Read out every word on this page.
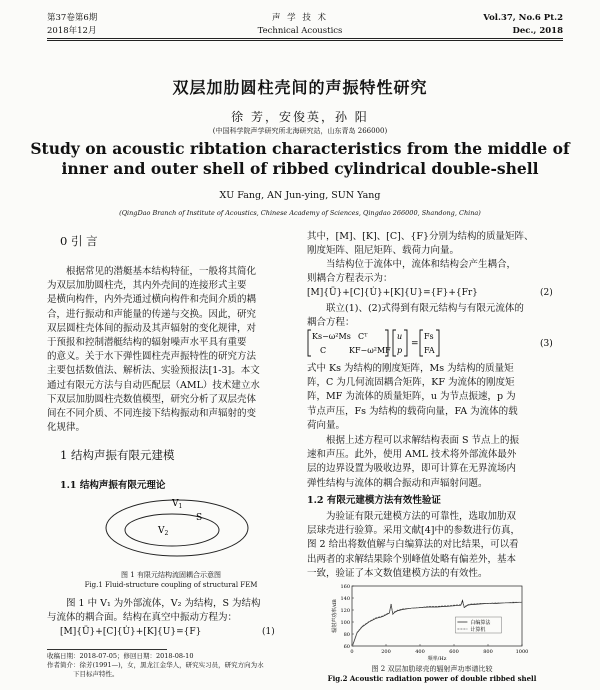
第37卷第6期
2018年12月
声 学 技 术
Technical Acoustics
Vol.37, No.6 Pt.2
Dec., 2018
双层加肋圆柱壳间的声振特性研究
徐 芳，安俊英，孙 阳
(中国科学院声学研究所北海研究站，山东青岛 266000)
Study on acoustic ribtation characteristics from the middle of
inner and outer shell of ribbed cylindrical double-shell
XU Fang, AN Jun-ying, SUN Yang
(QingDao Branch of Institute of Acoustics, Chinese Academy of Sciences, Qingdao 266000, Shandong, China)
0 引 言
根据常见的潜艇基本结构特征，一般将其简化
为双层加肋圆柱壳，其内外壳间的连接形式主要
是横向构件，内外壳通过横向构件和壳间介质的耦
合，进行振动和声能量的传递与交换。因此，研究
双层圆柱壳体间的振动及其声辐射的变化规律，对
于预报和控制潜艇结构的辐射噪声水平具有重要
的意义。关于水下弹性圆柱壳声振特性的研究方法
主要包括数值法、解析法、实验预报法[1-3]。本文
通过有限元方法与自动匹配层（AML）技术建立水
下双层加肋圆柱壳数值模型，研究分析了双层壳体
间在不同介质、不同连接下结构振动和声辐射的变
化规律。
1 结构声振有限元建模
1.1 结构声振有限元理论
$V_1$
$V_2$
S
图 1 有限元结构流固耦合示意图
Fig.1 Fluid-structure coupling of structural FEM
图 1 中 V₁ 为外部流体，V₂ 为结构，S 为结构
与流体的耦合面。结构在真空中振动方程为：
[M]{Ü}+[C]{U̇}+[K]{U}={F}	(1)
收稿日期：2018-07-05；修回日期：2018-08-10
作者简介：徐芳(1991—)，女，黑龙江金华人，研究实习员，研究方向为水
下目标声特性。
其中，[M]、[K]、[C]、{F}分别为结构的质量矩阵、
刚度矩阵、阻尼矩阵、载荷力向量。
当结构位于流体中，流体和结构会产生耦合，
则耦合方程表示为：
[M]{Ü}+[C]{U̇}+[K]{U}={F}+{Fr}	(2)
联立(1)、(2)式得到有限元结构与有限元流体的
耦合方程：
Ks−ω²Ms Cᵀ
C	KF−ω²MF
u
p
=
Fs
FA
(3)
式中 Ks 为结构的刚度矩阵，Ms 为结构的质量矩
阵，C 为几何流固耦合矩阵，KF 为流体的刚度矩
阵，MF 为流体的质量矩阵，u 为节点振速，p 为
节点声压，Fs 为结构的载荷向量，FA 为流体的载
荷向量。
根据上述方程可以求解结构表面 S 节点上的振
速和声压。此外，使用 AML 技术将外部流体最外
层的边界设置为吸收边界，即可计算在无界流场内
弹性结构与流体的耦合振动和声辐射问题。
1.2 有限元建模方法有效性验证
为验证有限元建模方法的可靠性，选取加肋双
层球壳进行验算。采用文献[4]中的参数进行仿真，
图 2 给出将数值解与白编算法的对比结果，可以看
出两者的求解结果除个别峰值处略有偏差外，基本
一致，验证了本文数值建模方法的有效性。
60
80
100
120
140
160
0	200	400	600	800	1000
频率/Hz
辐射声功率/dB	白编算法
计算机
图 2 双层加肋球壳的辐射声功率谱比较
Fig.2 Acoustic radiation power of double ribbed shell
